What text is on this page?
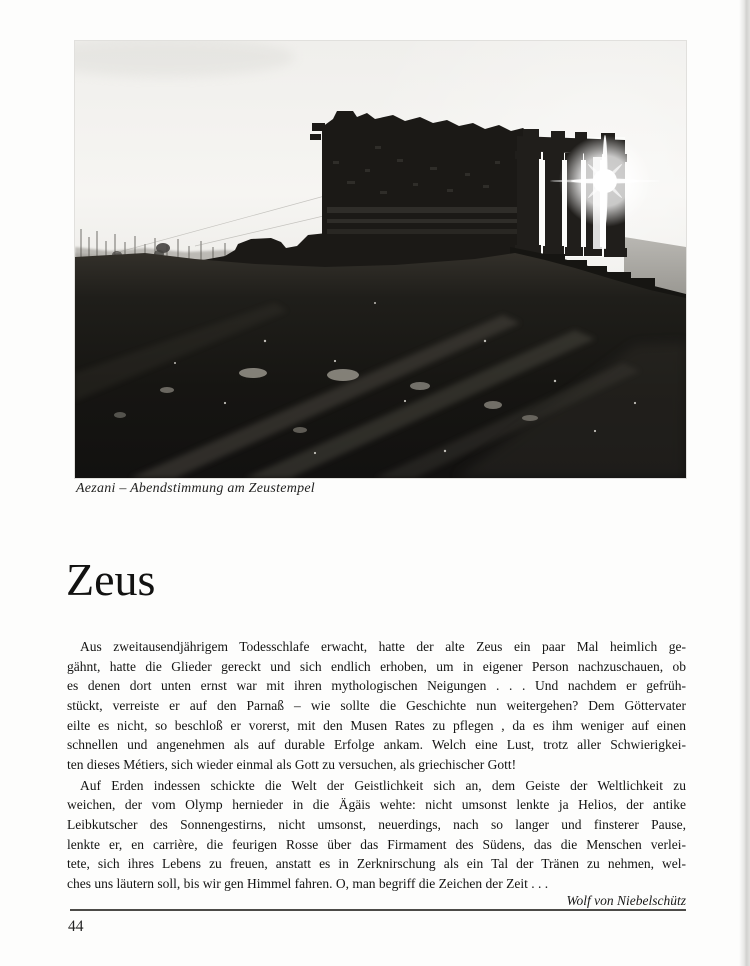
Aezani – Abendstimmung am Zeustempel
Zeus

Aus zweitausendjährigem Todesschlafe erwacht, hatte der alte Zeus ein paar Mal heimlich ge-
gähnt, hatte die Glieder gereckt und sich endlich erhoben, um in eigener Person nachzuschauen, ob
es denen dort unten ernst war mit ihren mythologischen Neigungen . . . Und nachdem er gefrüh-
stückt, verreiste er auf den Parnaß – wie sollte die Geschichte nun weitergehen? Dem Göttervater
eilte es nicht, so beschloß er vorerst, mit den Musen Rates zu pflegen , da es ihm weniger auf einen
schnellen und angenehmen als auf durable Erfolge ankam. Welch eine Lust, trotz aller Schwierigkei-
ten dieses Métiers, sich wieder einmal als Gott zu versuchen, als griechischer Gott!

Auf Erden indessen schickte die Welt der Geistlichkeit sich an, dem Geiste der Weltlichkeit zu
weichen, der vom Olymp hernieder in die Ägäis wehte: nicht umsonst lenkte ja Helios, der antike
Leibkutscher des Sonnengestirns, nicht umsonst, neuerdings, nach so langer und finsterer Pause,
lenkte er, en carrière, die feurigen Rosse über das Firmament des Südens, das die Menschen verlei-
tete, sich ihres Lebens zu freuen, anstatt es in Zerknirschung als ein Tal der Tränen zu nehmen, wel-
ches uns läutern soll, bis wir gen Himmel fahren. O, man begriff die Zeichen der Zeit . . .

Wolf von Niebelschütz
44
